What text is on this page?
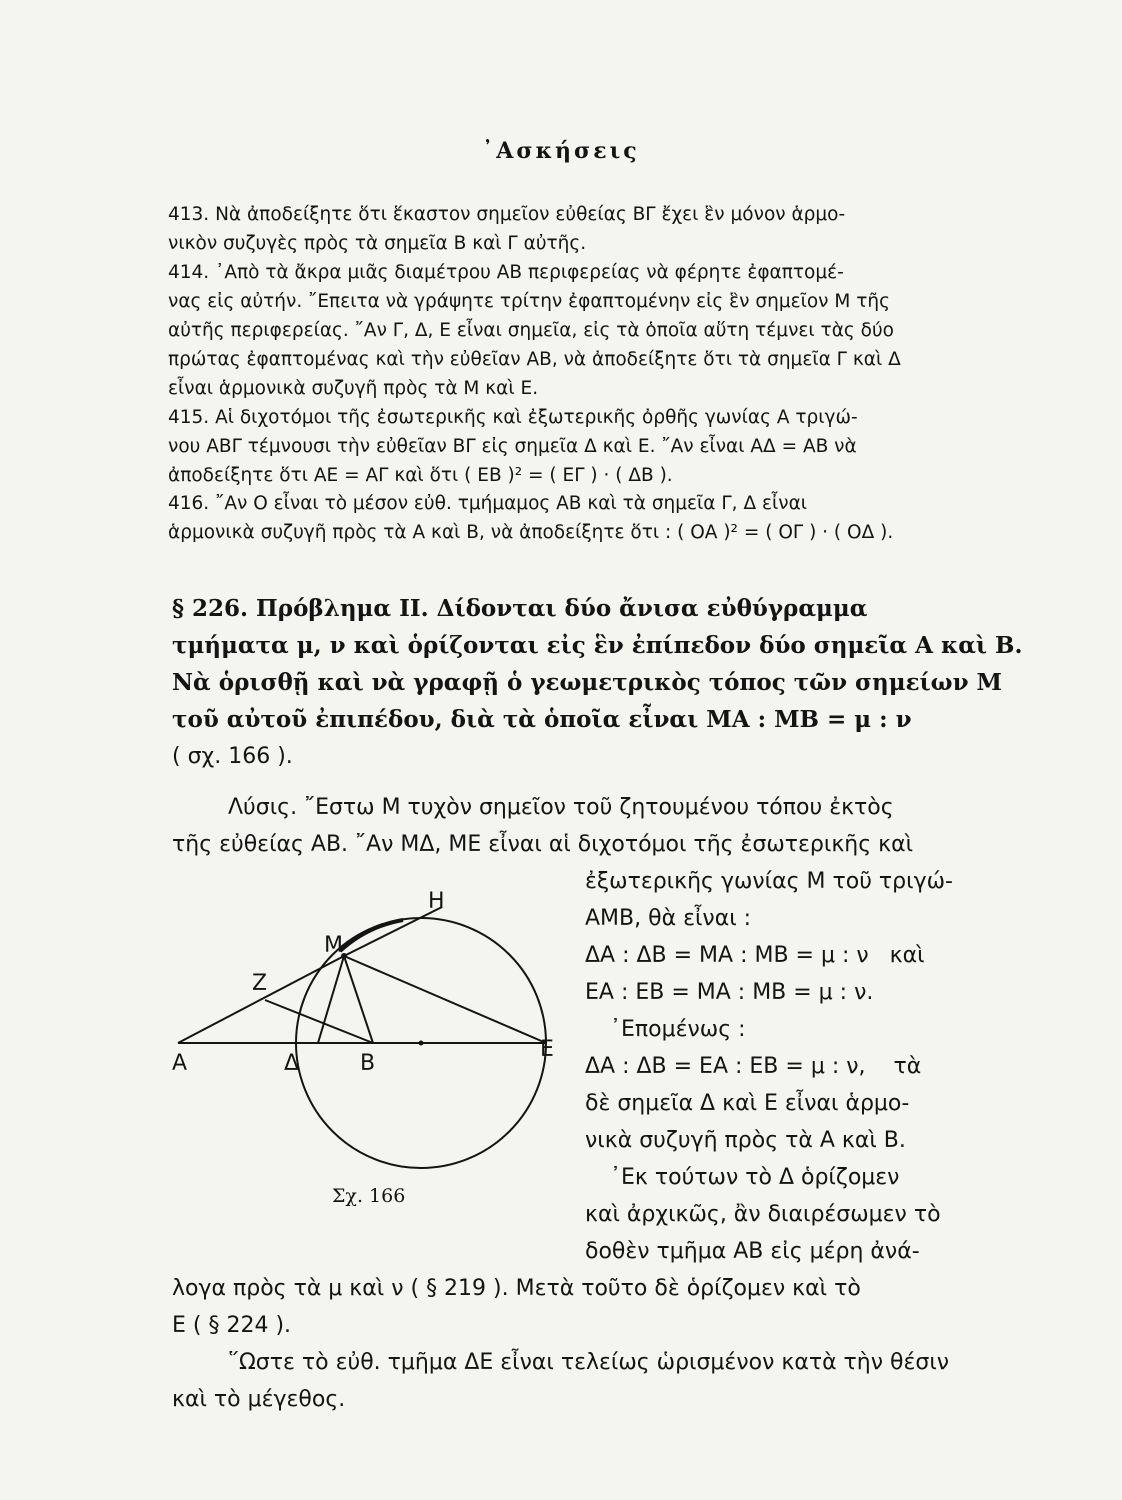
᾿Ασκήσεις
413. Νὰ ἀποδείξητε ὅτι ἕκαστον σημεῖον εὐθείας ΒΓ ἔχει ἓν μόνον ἁρμο-
νικὸν συζυγὲς πρὸς τὰ σημεῖα Β καὶ Γ αὐτῆς.
414. ᾿Απὸ τὰ ἄκρα μιᾶς διαμέτρου ΑΒ περιφερείας νὰ φέρητε ἐφαπτομέ-
νας εἰς αὐτήν. ῎Επειτα νὰ γράψητε τρίτην ἐφαπτομένην εἰς ἓν σημεῖον Μ τῆς
αὐτῆς περιφερείας. ῎Αν Γ, Δ, Ε εἶναι σημεῖα, εἰς τὰ ὁποῖα αὕτη τέμνει τὰς δύο
πρώτας ἐφαπτομένας καὶ τὴν εὐθεῖαν ΑΒ, νὰ ἀποδείξητε ὅτι τὰ σημεῖα Γ καὶ Δ
εἶναι ἁρμονικὰ συζυγῆ πρὸς τὰ Μ καὶ Ε.
415. Αἱ διχοτόμοι τῆς ἐσωτερικῆς καὶ ἐξωτερικῆς ὀρθῆς γωνίας Α τριγώ-
νου ΑΒΓ τέμνουσι τὴν εὐθεῖαν ΒΓ εἰς σημεῖα Δ καὶ Ε. ῎Αν εἶναι ΑΔ = ΑΒ νὰ
ἀποδείξητε ὅτι ΑΕ = ΑΓ καὶ ὅτι ( ΕΒ )² = ( ΕΓ ) · ( ΔΒ ).
416. ῎Αν Ο εἶναι τὸ μέσον εὐθ. τμήμαμος ΑΒ καὶ τὰ σημεῖα Γ, Δ εἶναι
ἁρμονικὰ συζυγῆ πρὸς τὰ Α καὶ Β, νὰ ἀποδείξητε ὅτι : ( ΟΑ )² = ( ΟΓ ) · ( ΟΔ ).
§ 226. Πρόβλημα ΙΙ. Δίδονται δύο ἄνισα εὐθύγραμμα
τμήματα μ, ν καὶ ὁρίζονται εἰς ἓν ἐπίπεδον δύο σημεῖα Α καὶ Β.
Νὰ ὁρισθῇ καὶ νὰ γραφῇ ὁ γεωμετρικὸς τόπος τῶν σημείων Μ
τοῦ αὐτοῦ ἐπιπέδου, διὰ τὰ ὁποῖα εἶναι ΜΑ : ΜΒ = μ : ν
( σχ. 166 ).
Λύσις. ῎Εστω Μ τυχὸν σημεῖον τοῦ ζητουμένου τόπου ἐκτὸς
τῆς εὐθείας ΑΒ. ῎Αν ΜΔ, ΜΕ εἶναι αἱ διχοτόμοι τῆς ἐσωτερικῆς καὶ
ἐξωτερικῆς γωνίας Μ τοῦ τριγώ-
ΑΜΒ, θὰ εἶναι :
ΔΑ : ΔΒ = ΜΑ : ΜΒ = μ : ν   καὶ
ΕΑ : ΕΒ = ΜΑ : ΜΒ = μ : ν.
᾿Επομένως :
ΔΑ : ΔΒ = ΕΑ : ΕΒ = μ : ν,    τὰ
δὲ σημεῖα Δ καὶ Ε εἶναι ἁρμο-
νικὰ συζυγῆ πρὸς τὰ Α καὶ Β.
᾿Εκ τούτων τὸ Δ ὁρίζομεν
καὶ ἀρχικῶς, ἂν διαιρέσωμεν τὸ
δοθὲν τμῆμα ΑΒ εἰς μέρη ἀνά-
λογα πρὸς τὰ μ καὶ ν ( § 219 ). Μετὰ τοῦτο δὲ ὁρίζομεν καὶ τὸ
Ε ( § 224 ).
῞Ωστε τὸ εὐθ. τμῆμα ΔΕ εἶναι τελείως ὡρισμένον κατὰ τὴν θέσιν
καὶ τὸ μέγεθος.
Α	Δ	Β
Ε
Μ
Ζ
Η
Σχ. 166
